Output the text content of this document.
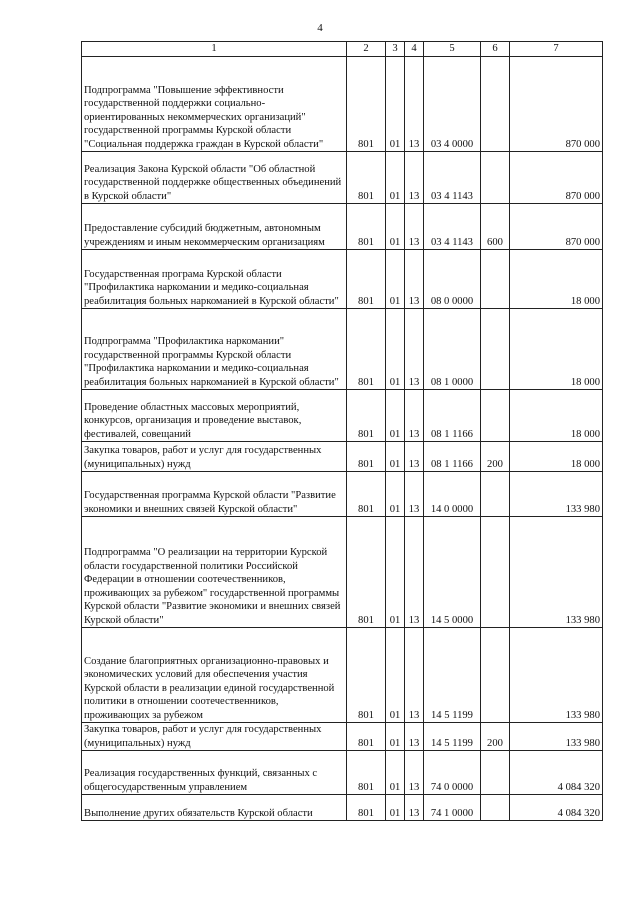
4
1	2	3	4	5	6	7
Подпрограмма "Повышение эффективности государственной поддержки социально-ориентированных некоммерческих организаций" государственной программы Курской области "Социальная поддержка граждан в Курской области"	801	01	13	03 4 0000		870 000
Реализация Закона Курской области "Об областной государственной поддержке общественных объединений в Курской области"	801	01	13	03 4 1143		870 000
Предоставление субсидий бюджетным, автономным учреждениям и иным некоммерческим организациям	801	01	13	03 4 1143	600	870 000
Государственная програма Курской области "Профилактика наркомании и медико-социальная реабилитация больных наркоманией в Курской области"	801	01	13	08 0 0000		18 000
Подпрограмма "Профилактика наркомании" государственной программы Курской области "Профилактика наркомании и медико-социальная реабилитация больных наркоманией в Курской области"	801	01	13	08 1 0000		18 000
Проведение областных массовых мероприятий, конкурсов, организация и проведение выставок, фестивалей, совещаний	801	01	13	08 1 1166		18 000
Закупка товаров, работ и услуг для государственных (муниципальных) нужд	801	01	13	08 1 1166	200	18 000
Государственная программа Курской области "Развитие экономики и внешних связей Курской области"	801	01	13	14 0 0000		133 980
Подпрограмма "О реализации на территории Курской области государственной политики Российской Федерации в отношении соотечественников, проживающих за рубежом" государственной программы Курской области "Развитие экономики и внешних связей Курской области"	801	01	13	14 5 0000		133 980
Создание благоприятных организационно-правовых и экономических условий для обеспечения участия Курской области в реализации единой государственной политики в отношении соотечественников, проживающих за рубежом	801	01	13	14 5 1199		133 980
Закупка товаров, работ и услуг для государственных (муниципальных) нужд	801	01	13	14 5 1199	200	133 980
Реализация государственных функций, связанных с общегосударственным управлением	801	01	13	74 0 0000		4 084 320
Выполнение других обязательств Курской области	801	01	13	74 1 0000		4 084 320
